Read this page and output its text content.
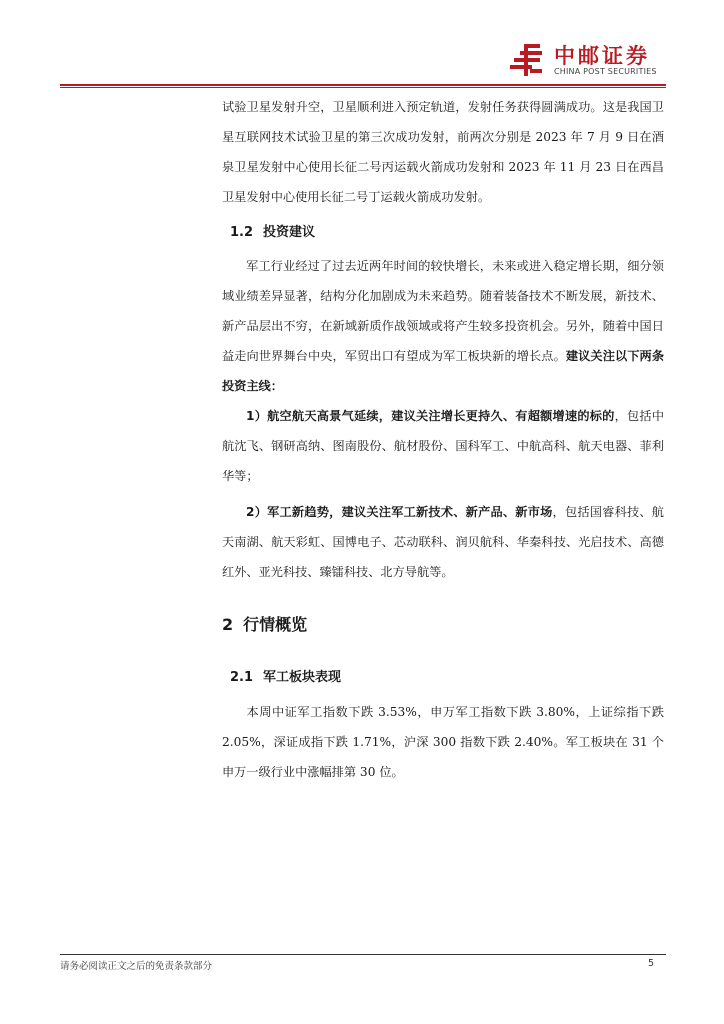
中邮证券
CHINA POST SECURITIES

试验卫星发射升空，卫星顺利进入预定轨道，发射任务获得圆满成功。这是我国卫星互联网技术试验卫星的第三次成功发射，前两次分别是 2023 年 7 月 9 日在酒泉卫星发射中心使用长征二号丙运载火箭成功发射和 2023 年 11 月 23 日在西昌卫星发射中心使用长征二号丁运载火箭成功发射。

1.2 投资建议

军工行业经过了过去近两年时间的较快增长，未来或进入稳定增长期，细分领域业绩差异显著，结构分化加剧成为未来趋势。随着装备技术不断发展，新技术、新产品层出不穷，在新域新质作战领域或将产生较多投资机会。另外，随着中国日益走向世界舞台中央，军贸出口有望成为军工板块新的增长点。建议关注以下两条投资主线：

1）航空航天高景气延续，建议关注增长更持久、有超额增速的标的，包括中航沈飞、钢研高纳、图南股份、航材股份、国科军工、中航高科、航天电器、菲利华等；

2）军工新趋势，建议关注军工新技术、新产品、新市场，包括国睿科技、航天南湖、航天彩虹、国博电子、芯动联科、润贝航科、华秦科技、光启技术、高德红外、亚光科技、臻镭科技、北方导航等。

2 行情概览
2.1 军工板块表现

本周中证军工指数下跌 3.53%，申万军工指数下跌 3.80%，上证综指下跌 2.05%，深证成指下跌 1.71%，沪深 300 指数下跌 2.40%。军工板块在 31 个申万一级行业中涨幅排第 30 位。

请务必阅读正文之后的免责条款部分	5
